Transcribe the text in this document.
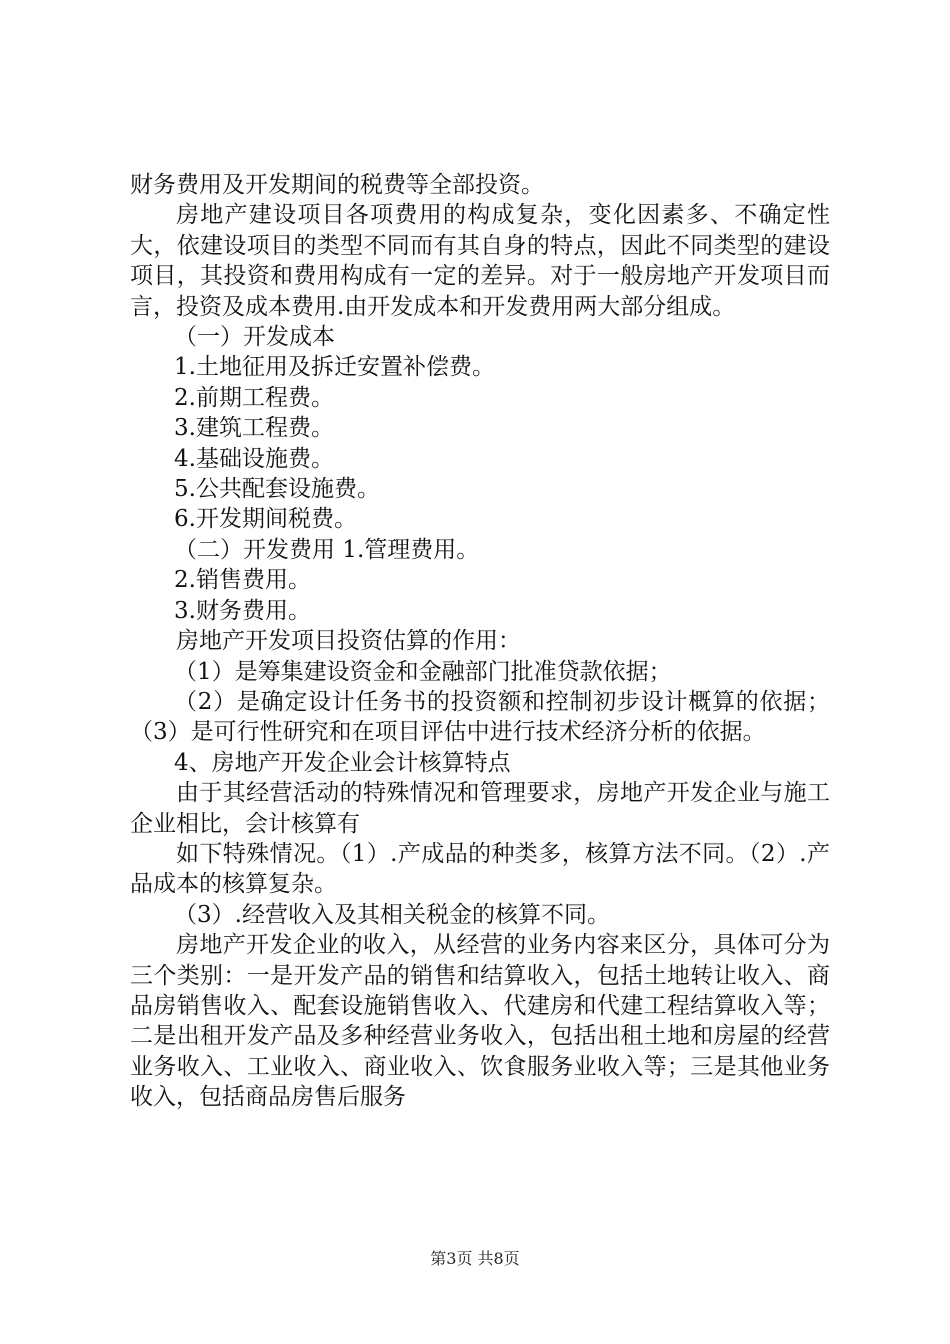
财务费用及开发期间的税费等全部投资。

房地产建设项目各项费用的构成复杂，变化因素多、不确定性大，依建设项目的类型不同而有其自身的特点，因此不同类型的建设项目，其投资和费用构成有一定的差异。对于一般房地产开发项目而言，投资及成本费用.由开发成本和开发费用两大部分组成。

（一）开发成本

1.土地征用及拆迁安置补偿费。

2.前期工程费。

3.建筑工程费。

4.基础设施费。

5.公共配套设施费。

6.开发期间税费。

（二）开发费用 1.管理费用。

2.销售费用。

3.财务费用。

房地产开发项目投资估算的作用：

（1）是筹集建设资金和金融部门批准贷款依据；

（2）是确定设计任务书的投资额和控制初步设计概算的依据；（3）是可行性研究和在项目评估中进行技术经济分析的依据。

4、房地产开发企业会计核算特点

由于其经营活动的特殊情况和管理要求，房地产开发企业与施工企业相比，会计核算有

如下特殊情况。（1）.产成品的种类多，核算方法不同。（2）.产品成本的核算复杂。

（3）.经营收入及其相关税金的核算不同。

房地产开发企业的收入，从经营的业务内容来区分，具体可分为三个类别：一是开发产品的销售和结算收入，包括土地转让收入、商品房销售收入、配套设施销售收入、代建房和代建工程结算收入等；二是出租开发产品及多种经营业务收入，包括出租土地和房屋的经营业务收入、工业收入、商业收入、饮食服务业收入等；三是其他业务收入，包括商品房售后服务

第3页 共8页
